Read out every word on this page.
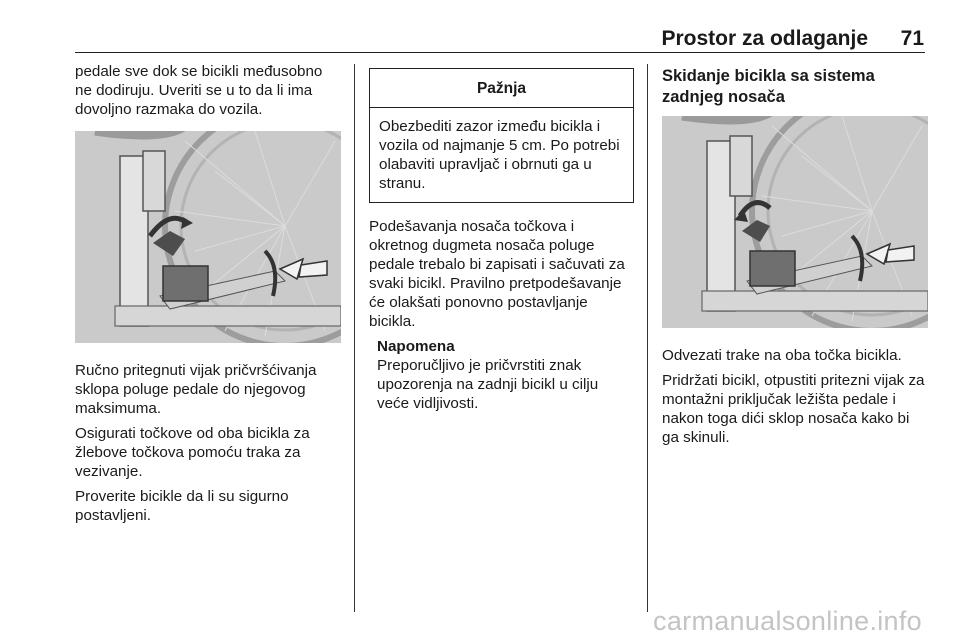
Prostor za odlaganje 71

pedale sve dok se bicikli međusobno ne dodiruju. Uveriti se u to da li ima dovoljno razmaka do vozila.

Ručno pritegnuti vijak pričvršćivanja sklopa poluge pedale do njegovog maksimuma.

Osigurati točkove od oba bicikla za žlebove točkova pomoću traka za vezivanje.

Proverite bicikle da li su sigurno postavljeni.

Pažnja
Obezbediti zazor između bicikla i vozila od najmanje 5 cm. Po potrebi olabaviti upravljač i obrnuti ga u stranu.

Podešavanja nosača točkova i okretnog dugmeta nosača poluge pedale trebalo bi zapisati i sačuvati za svaki bicikl. Pravilno pretpodešavanje će olakšati ponovno postavljanje bicikla.

Napomena
Preporučljivo je pričvrstiti znak upozorenja na zadnji bicikl u cilju veće vidljivosti.
Skidanje bicikla sa sistema zadnjeg nosača

Odvezati trake na oba točka bicikla.

Pridržati bicikl, otpustiti pritezni vijak za montažni priključak ležišta pedale i nakon toga dići sklop nosača kako bi ga skinuli.

carmanualsonline.info
